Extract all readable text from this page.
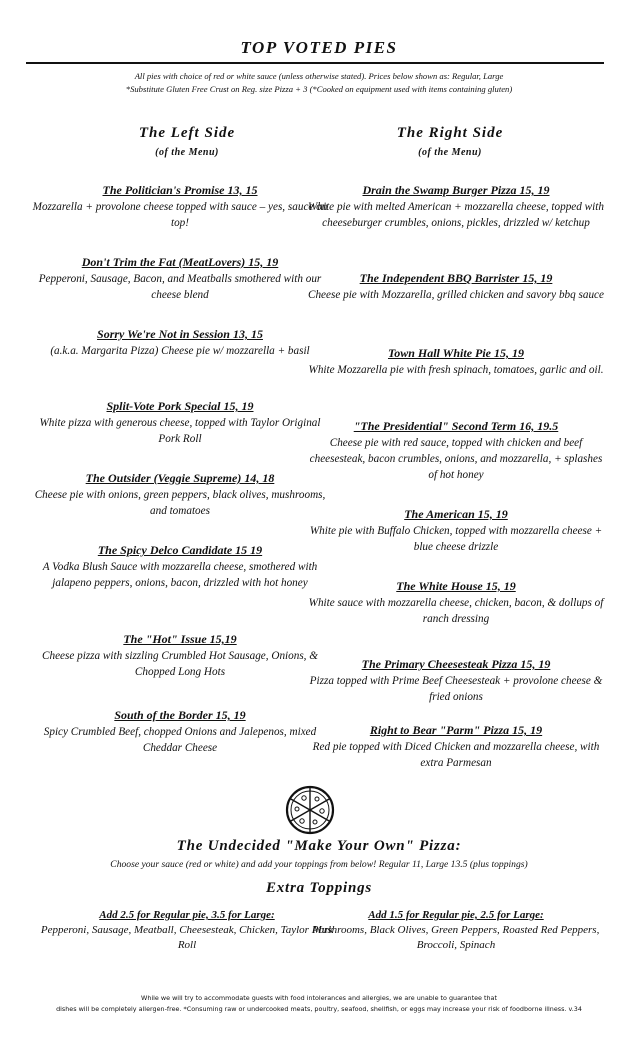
TOP VOTED PIES
All pies with choice of red or white sauce (unless otherwise stated). Prices below shown as: Regular, Large
*Substitute Gluten Free Crust on Reg. size Pizza + 3 (*Cooked on equipment used with items containing gluten)
The Left Side
(of the Menu)
The Right Side
(of the Menu)
The Politician's Promise 13, 15
Mozzarella + provolone cheese topped with sauce – yes, sauce on top!
Don't Trim the Fat (MeatLovers) 15, 19
Pepperoni, Sausage, Bacon, and Meatballs smothered with our cheese blend
Sorry We're Not in Session 13, 15
(a.k.a. Margarita Pizza) Cheese pie w/ mozzarella + basil
Split-Vote Pork Special 15, 19
White pizza with generous cheese, topped with Taylor Original Pork Roll
The Outsider (Veggie Supreme) 14, 18
Cheese pie with onions, green peppers, black olives, mushrooms, and tomatoes
The Spicy Delco Candidate 15 19
A Vodka Blush Sauce with mozzarella cheese, smothered with jalapeno peppers, onions, bacon, drizzled with hot honey
The "Hot" Issue 15,19
Cheese pizza with sizzling Crumbled Hot Sausage, Onions, & Chopped Long Hots
South of the Border 15, 19
Spicy Crumbled Beef, chopped Onions and Jalepenos, mixed Cheddar Cheese
Drain the Swamp Burger Pizza 15, 19
White pie with melted American + mozzarella cheese, topped with cheeseburger crumbles, onions, pickles, drizzled w/ ketchup
The Independent BBQ Barrister 15, 19
Cheese pie with Mozzarella, grilled chicken and savory bbq sauce
Town Hall White Pie 15, 19
White Mozzarella pie with fresh spinach, tomatoes, garlic and oil.
"The Presidential" Second Term 16, 19.5
Cheese pie with red sauce, topped with chicken and beef cheesesteak, bacon crumbles, onions, and mozzarella, + splashes of hot honey
The American 15, 19
White pie with Buffalo Chicken, topped with mozzarella cheese + blue cheese drizzle
The White House 15, 19
White sauce with mozzarella cheese, chicken, bacon, & dollups of ranch dressing
The Primary Cheesesteak Pizza 15, 19
Pizza topped with Prime Beef Cheesesteak + provolone cheese & fried onions
Right to Bear "Parm" Pizza 15, 19
Red pie topped with Diced Chicken and mozzarella cheese, with extra Parmesan
The Undecided "Make Your Own" Pizza:
Choose your sauce (red or white) and add your toppings from below! Regular 11, Large 13.5 (plus toppings)
Extra Toppings
Add 2.5 for Regular pie, 3.5 for Large:
Pepperoni, Sausage, Meatball, Cheesesteak, Chicken, Taylor Pork Roll
Add 1.5 for Regular pie, 2.5 for Large:
Mushrooms, Black Olives, Green Peppers, Roasted Red Peppers, Broccoli, Spinach
While we will try to accommodate guests with food intolerances and allergies, we are unable to guarantee that
dishes will be completely allergen-free. *Consuming raw or undercooked meats, poultry, seafood, shellfish, or eggs may increase your risk of foodborne illness. v.34
